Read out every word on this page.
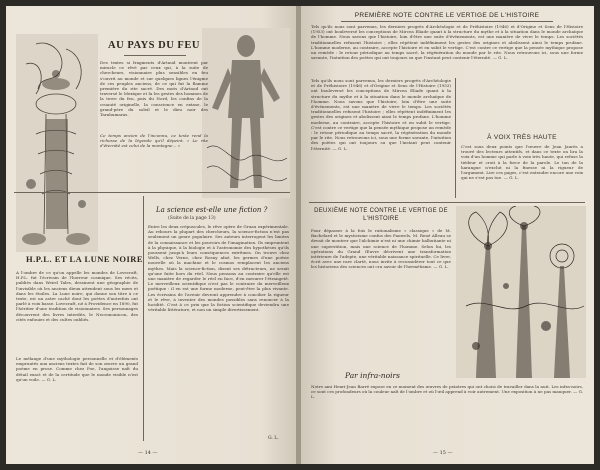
AU PAYS DU FEU
Des textes si fragments d'Artaud montrent par miracle ce rêvé par ceux qui, à la suite de chercheurs, visionnaire plus sensibles en feu s'ouvrit au monde et sur quelques lignes l'énigme de ces peuples anciens, de ce qui fut la flamme première du rite sacré. Des mots d'Artaud ont traversé le Mexique et lu les gestes des hommes de la terre du feu, puis du Nord, les confins de la cruauté originelle, la conscience en extase, le grand-père du soleil et le dieu noir des Tarahumaras.
Ce temps ancien de l'inconnu, ce texte rend la richesse de la légende qu'il dépeint. « Le rite d'éternité est celui de la montagne... »
H.P.L. ET LA LUNE NOIRE
A l'ombre de ce qu'on appelle les mondes de Lovecraft, H.P.L. fut l'écrivain de l'horreur cosmique. Ses récits, publiés dans Weird Tales, dessinent une géographie de l'invisible où les anciens dieux attendent sous les mers et dans les étoiles. La Lune noire, qui donne son titre à ce texte, est un astre caché dont les poètes d'autrefois ont parlé à voix basse. Lovecraft, né à Providence en 1890, fut l'héritier d'une tradition de visionnaires. Ses personnages découvrent des livres interdits, le Necronomicon, des cités enfouies et des cultes oubliés.
Le mélange d'une mythologie personnelle et d'éléments empruntés aux anciens textes fait de son œuvre un grand poème en prose. Comme chez Poe, l'angoisse naît du détail exact et de la certitude que le monde visible n'est qu'un voile. — G. L.
La science est-elle une fiction ?
(Suite de la page 13)
Entre les deux crépuscules, le rêve opère de Gruau expérimentale. Au rebours la plupart des chercheurs, la science-fiction n'est pas seulement un genre populaire. Ses auteurs interrogent les limites de la connaissance et les pouvoirs de l'imagination. Ils empruntent à la physique, à la biologie et à l'astronomie des hypothèses qu'ils poussent jusqu'à leurs conséquences extrêmes. On trouve chez Wells, chez Verne, chez Rosny aîné, les germes d'une poésie nouvelle où la machine et le cosmos remplacent les anciens mythes. Mais la science-fiction, disent ses détracteurs, ne serait qu'une fuite hors du réel. Nous pensons au contraire qu'elle est une manière de regarder le réel en face, d'en mesurer l'étrangeté. Le merveilleux scientifique n'est pas le contraire du merveilleux poétique : il en est une forme moderne, peut-être la plus vivante. Les écrivains de l'avenir devront apprendre à concilier la rigueur et le rêve, à inventer des mondes possibles sans renoncer à la lucidité. C'est à ce prix que la fiction scientifique deviendra une véritable littérature, et non un simple divertissement.
G. L.
— 14 —
PREMIÈRE NOTE CONTRE LE VERTIGE DE L'HISTOIRE
Tels qu'ils nous sont parvenus, les derniers progrès d'Archéologie et de Préhistoire (1946) et d'Origine et Sens de l'Histoire (1953) ont bouleversé les conceptions de Mircea Eliade quant à la structure du mythe et à la situation dans le monde archaïque de l'homme. Nous savons que l'histoire, loin d'être une suite d'événements, est une manière de vivre le temps. Les sociétés traditionnelles refusent l'histoire ; elles répètent indéfiniment les gestes des origines et abolissent ainsi le temps profane. L'homme moderne, au contraire, accepte l'histoire et en subit le vertige. C'est contre ce vertige que la pensée mythique propose un remède : le retour périodique au temps sacré, la régénération du monde par le rite. Nous retrouvons ici, sous une forme savante, l'intuition des poètes qui ont toujours su que l'instant peut contenir l'éternité. — G. L.
Tels qu'ils nous sont parvenus, les derniers progrès d'Archéologie et de Préhistoire (1946) et d'Origine et Sens de l'Histoire (1953) ont bouleversé les conceptions de Mircea Eliade quant à la structure du mythe et à la situation dans le monde archaïque de l'homme. Nous savons que l'histoire, loin d'être une suite d'événements, est une manière de vivre le temps. Les sociétés traditionnelles refusent l'histoire ; elles répètent indéfiniment les gestes des origines et abolissent ainsi le temps profane. L'homme moderne, au contraire, accepte l'histoire et en subit le vertige. C'est contre ce vertige que la pensée mythique propose un remède : le retour périodique au temps sacré, la régénération du monde par le rite. Nous retrouvons ici, sous une forme savante, l'intuition des poètes qui ont toujours su que l'instant peut contenir l'éternité. — G. L.
À VOIX TRÈS HAUTE
C'est sous deux points que l'œuvre de Jean Jaurès a trouvé des lecteurs attentifs, et dans ce texte on lira la voix d'un homme qui parle à voix très haute, qui refuse la tiédeur et croit à la force de la parole. Le ton de la harangue n'exclut ni la finesse ni la rigueur de l'argument. Lire ces pages, c'est entendre encore une voix qui ne s'est pas tue. — G. L.
DEUXIÈME NOTE CONTRE LE VERTIGE DE L'HISTOIRE
Pour dépasser à la fois le rationalisme « classique » de M. Bachelard et le mysticisme confus des Pauwels, M. René Alleau se devait de montrer que l'alchimie n'est ni une chimie balbutiante ni une superstition, mais une science de l'homme. Selon lui, les opérations du Grand Œuvre décrivent une transformation intérieure de l'adepte, une véritable naissance spirituelle. Ce livre, écrit avec une rare clarté, nous invite à reconsidérer tout ce que les historiens des sciences ont cru savoir de l'hermétisme. — G. L.
Par infra-noirs
Notre ami Henri-Jean Barré expose en ce moment des œuvres de peintres qui ont choisi de travailler dans la nuit. Les infra-noirs, ce sont ces profondeurs où la couleur naît de l'ombre et où l'œil apprend à voir autrement. Une exposition à ne pas manquer. — G. L.
— 15 —
